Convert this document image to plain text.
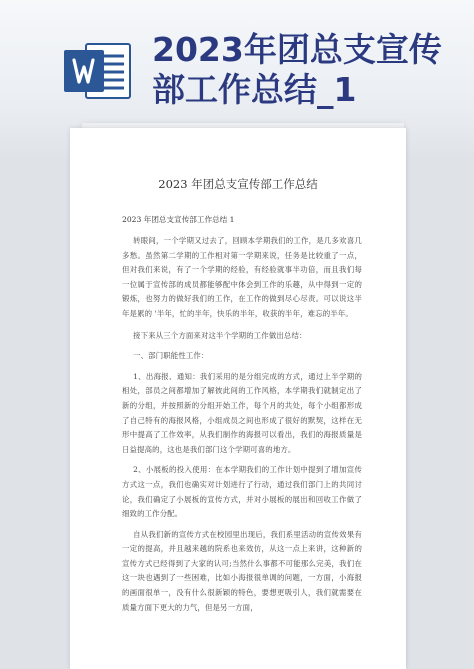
2023年团总支宣传部工作总结_1
2023 年团总支宣传部工作总结
2023 年团总支宣传部工作总结 1

转眼间，一个学期又过去了，回顾本学期我们的工作，是几多欢喜几多愁。虽然第二学期的工作相对第一学期来说，任务是比较重了一点，但对我们来说，有了一个学期的经验，有经验就事半功倍，而且我们每一位属于宣传部的成员都能够配中体会到工作的乐趣，从中得到一定的锻炼，也努力的做好我们的工作，在工作的做到尽心尽责。可以说这半年是累的 '半年，忙的半年，快乐的半年，收获的半年，难忘的半年。

接下来从三个方面来对这半个学期的工作做出总结：

一、部门职能性工作：

1、出海报、通知：我们采用的是分组完成的方式，通过上半学期的相处，部员之间都增加了解彼此间的工作风格，本学期我们就制定出了新的分组，并按照新的分组开始工作，每个月的共处，每个小组都形成了自己特有的海报风格，小组成员之间也形成了很好的默契，这样在无形中提高了工作效率，从我们制作的海报可以看出，我们的海报质量是日益提高的，这也是我们部门这个学期可喜的地方。

2、小展板的投入使用：在本学期我们的工作计划中提到了增加宣传方式这一点，我们也确实对计划进行了行动，通过我们部门上的共同讨论，我们确定了小展板的宣传方式，并对小展板的展出和回收工作做了细致的工作分配。

自从我们新的宣传方式在校园里出现后，我们系里活动的宣传效果有一定的提高，并且越来越的院系也来效仿，从这一点上来讲，这种新的宣传方式已经得到了大家的认可;当然什么事都不可能那么完美，我们在这一块也遇到了一些困难，比如小海报很单调的问题，一方面，小海报的画面很单一，没有什么很新颖的特色，要想更吸引人，我们就需要在质量方面下更大的力气，但是另一方面，
